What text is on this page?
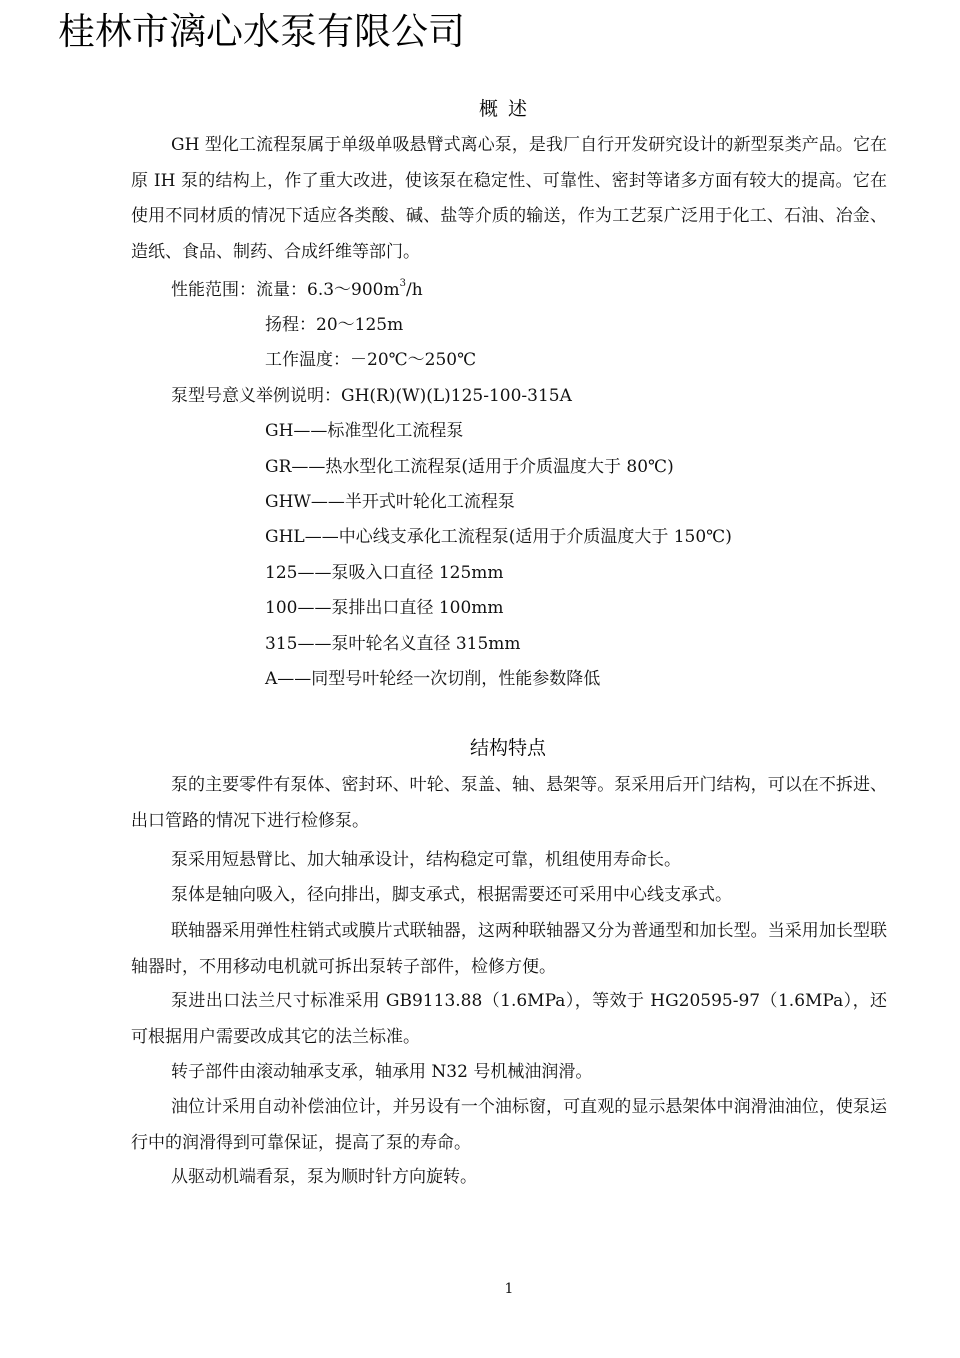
桂林市漓心水泵有限公司
概述
GH 型化工流程泵属于单级单吸悬臂式离心泵，是我厂自行开发研究设计的新型泵类产品。它在原 IH 泵的结构上，作了重大改进，使该泵在稳定性、可靠性、密封等诸多方面有较大的提高。它在使用不同材质的情况下适应各类酸、碱、盐等介质的输送，作为工艺泵广泛用于化工、石油、冶金、造纸、食品、制药、合成纤维等部门。
性能范围：流量：$6.3\sim 900m^3/h$
扬程：20～125m
工作温度：－20℃～250℃
泵型号意义举例说明：GH(R)(W)(L)125-100-315A
GH——标准型化工流程泵
GR——热水型化工流程泵(适用于介质温度大于 80℃)
GHW——半开式叶轮化工流程泵
GHL——中心线支承化工流程泵(适用于介质温度大于 150℃)
125——泵吸入口直径 125mm
100——泵排出口直径 100mm
315——泵叶轮名义直径 315mm
A——同型号叶轮经一次切削，性能参数降低
结构特点
泵的主要零件有泵体、密封环、叶轮、泵盖、轴、悬架等。泵采用后开门结构，可以在不拆进、出口管路的情况下进行检修泵。
泵采用短悬臂比、加大轴承设计，结构稳定可靠，机组使用寿命长。
泵体是轴向吸入，径向排出，脚支承式，根据需要还可采用中心线支承式。
联轴器采用弹性柱销式或膜片式联轴器，这两种联轴器又分为普通型和加长型。当采用加长型联轴器时，不用移动电机就可拆出泵转子部件，检修方便。
泵进出口法兰尺寸标准采用 GB9113.88（1.6MPa），等效于 HG20595-97（1.6MPa），还可根据用户需要改成其它的法兰标准。
转子部件由滚动轴承支承，轴承用 N32 号机械油润滑。
油位计采用自动补偿油位计，并另设有一个油标窗，可直观的显示悬架体中润滑油油位，使泵运行中的润滑得到可靠保证，提高了泵的寿命。
从驱动机端看泵，泵为顺时针方向旋转。
1
